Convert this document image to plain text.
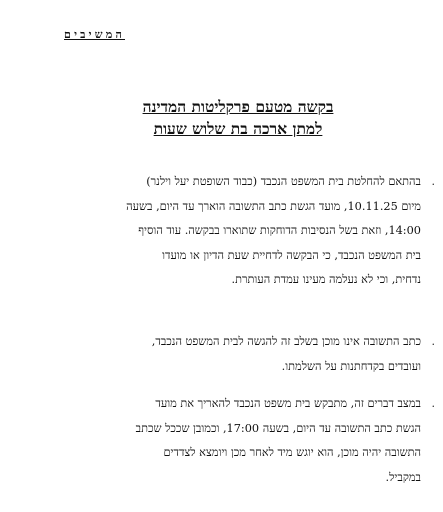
המשיבים
בקשה מטעם פרקליטות המדינה
למתן ארכה בת שלוש שעות
.
בהתאם להחלטת בית המשפט הנכבד (כבוד השופטת יעל וילנר)
מיום 10.11.25, מועד הגשת כתב התשובה הוארך עד היום, בשעה
14:00, וזאת בשל הנסיבות הדוחקות שתוארו בבקשה. עוד הוסיף
בית המשפט הנכבד, כי הבקשה לדחיית שעת הדיון או מועדו
נדחית, וכי לא נעלמה מעינו עמדת העותרת.
.
כתב התשובה אינו מוכן בשלב זה להגשה לבית המשפט הנכבד,
ועובדים בקדחתנות על השלמתו.
.
במצב דברים זה, מתבקש בית משפט הנכבד להאריך את מועד
הגשת כתב התשובה עד היום, בשעה 17:00, וכמובן שככל שכתב
התשובה יהיה מוכן, הוא יוגש מיד לאחר מכן ויומצא לצדדים
במקביל.
